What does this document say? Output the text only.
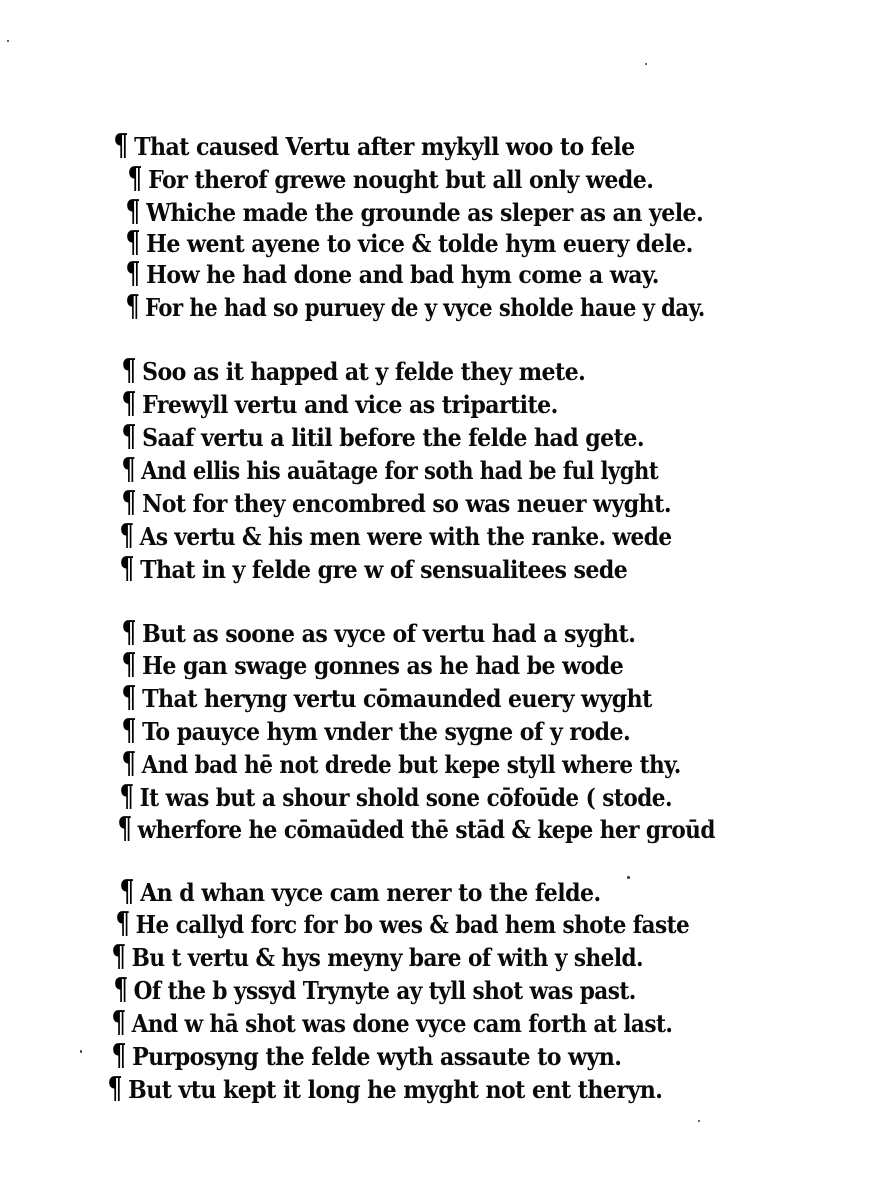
¶ That caused Vertu after mykyll woo to fele
¶ For therof grewe nought but all only wede.
¶ Whiche made the grounde as sleper as an yele.
¶ He went ayene to vice & tolde hym euery dele.
¶ How he had done and bad hym come a way.
¶ For he had so puruey de y vyce sholde haue y day.
¶ Soo as it happed at y felde they mete.
¶ Frewyll vertu and vice as tripartite.
¶ Saaf vertu a litil before the felde had gete.
¶ And ellis his auātage for soth had be ful lyght
¶ Not for they encombred so was neuer wyght.
¶ As vertu & his men were with the ranke. wede
¶ That in y felde gre w of sensualitees sede
¶ But as soone as vyce of vertu had a syght.
¶ He gan swage gonnes as he had be wode
¶ That heryng vertu cōmaunded euery wyght
¶ To pauyce hym vnder the sygne of y rode.
¶ And bad hē not drede but kepe styll where thy.
¶ It was but a shour shold sone cōfoūde ( stode.
¶ wherfore he cōmaūded thē stād & kepe her groūd
¶ An d whan vyce cam nerer to the felde.
¶ He callyd forc for bo wes & bad hem shote faste
¶ Bu t vertu & hys meyny bare of with y sheld.
¶ Of the b yssyd Trynyte ay tyll shot was past.
¶ And w hā shot was done vyce cam forth at last.
¶ Purposyng the felde wyth assaute to wyn.
¶ But vtu kept it long he myght not ent theryn.
